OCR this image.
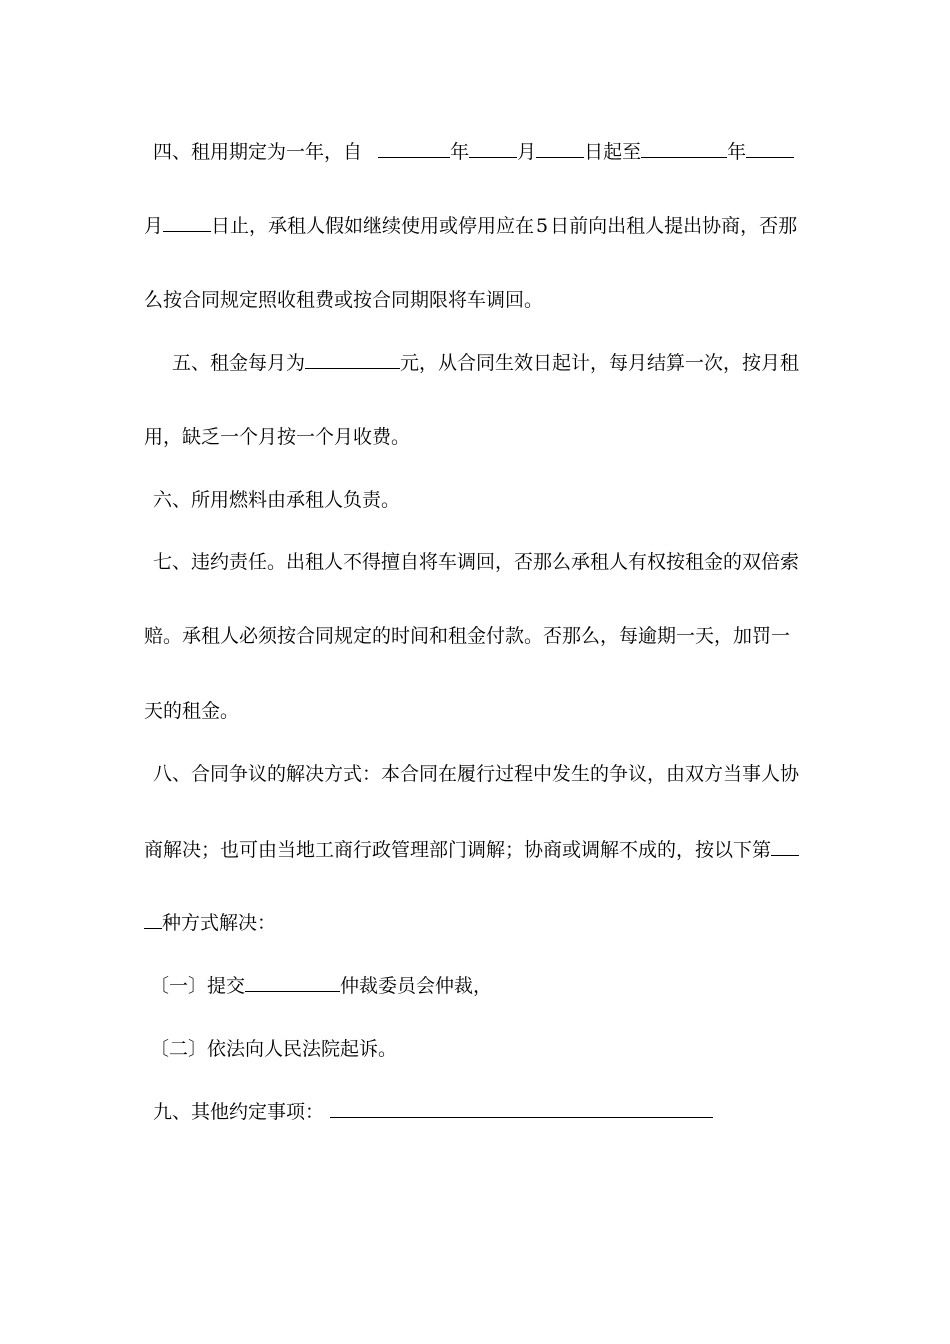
四、租用期定为一年，自	年	月	日起至	年
月	日止，承租人假如继续使用或停用应在 5 日前向出租人提出协商，否那
么按合同规定照收租费或按合同期限将车调回。
五、租金每月为	元，从合同生效日起计，每月结算一次，按月租
用，缺乏一个月按一个月收费。
六、所用燃料由承租人负责。
七、违约责任。出租人不得擅自将车调回，否那么承租人有权按租金的双倍索
赔。承租人必须按合同规定的时间和租金付款。否那么，每逾期一天，加罚一
天的租金。
八、合同争议的解决方式：本合同在履行过程中发生的争议，由双方当事人协
商解决；也可由当地工商行政管理部门调解；协商或调解不成的，按以下第
种方式解决：
〔一〕提交	仲裁委员会仲裁，
〔二〕依法向人民法院起诉。
九、其他约定事项：
